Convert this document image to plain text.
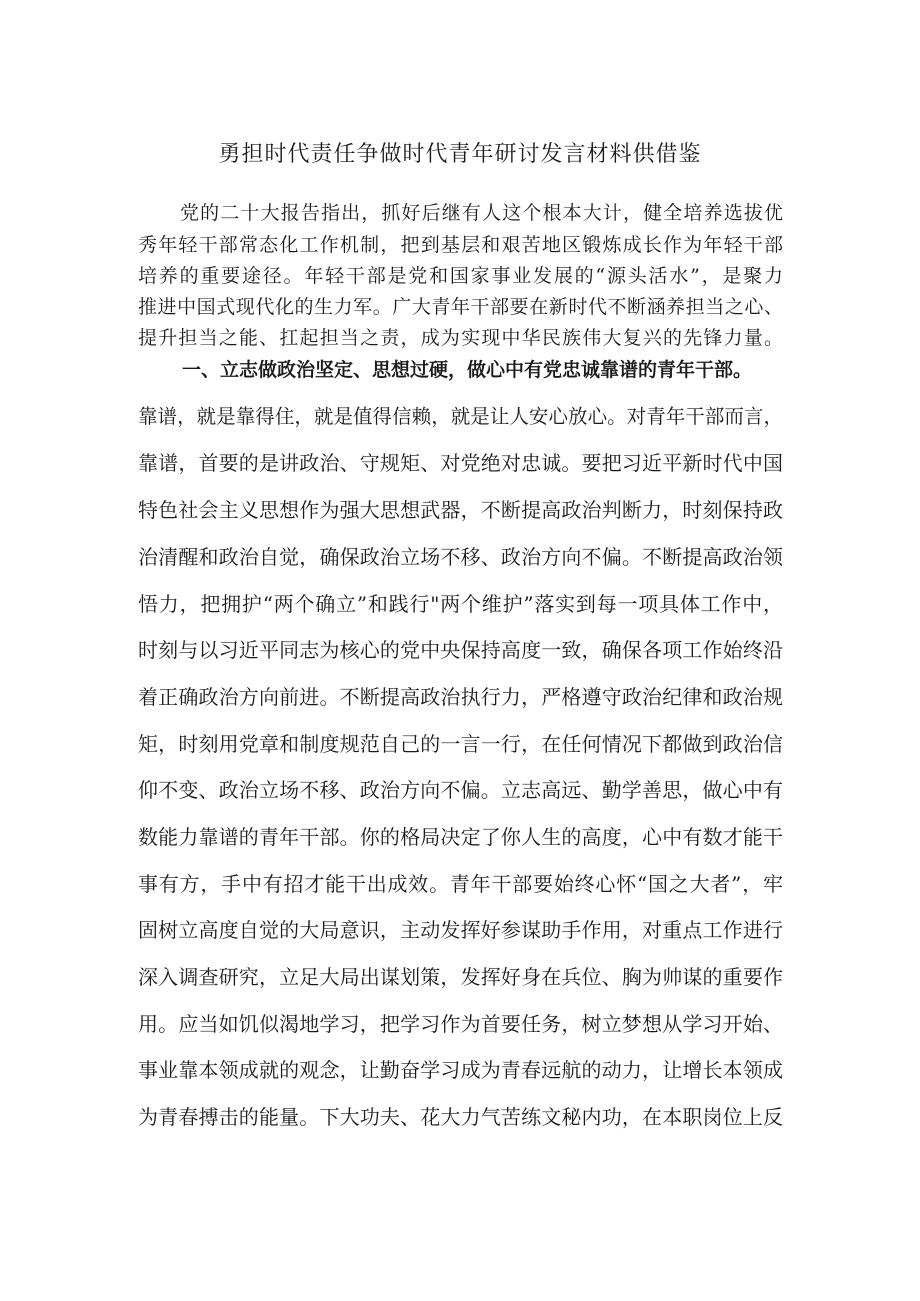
勇担时代责任争做时代青年研讨发言材料供借鉴
党的二十大报告指出，抓好后继有人这个根本大计，健全培养选拔优
秀年轻干部常态化工作机制，把到基层和艰苦地区锻炼成长作为年轻干部
培养的重要途径。年轻干部是党和国家事业发展的“源头活水”，是聚力
推进中国式现代化的生力军。广大青年干部要在新时代不断涵养担当之心、
提升担当之能、扛起担当之责，成为实现中华民族伟大复兴的先锋力量。
一、立志做政治坚定、思想过硬，做心中有党忠诚靠谱的青年干部。
靠谱，就是靠得住，就是值得信赖，就是让人安心放心。对青年干部而言，
靠谱，首要的是讲政治、守规矩、对党绝对忠诚。要把习近平新时代中国
特色社会主义思想作为强大思想武器，不断提高政治判断力，时刻保持政
治清醒和政治自觉，确保政治立场不移、政治方向不偏。不断提高政治领
悟力，把拥护“两个确立”和践行"两个维护”落实到每一项具体工作中，
时刻与以习近平同志为核心的党中央保持高度一致，确保各项工作始终沿
着正确政治方向前进。不断提高政治执行力，严格遵守政治纪律和政治规
矩，时刻用党章和制度规范自己的一言一行，在任何情况下都做到政治信
仰不变、政治立场不移、政治方向不偏。立志高远、勤学善思，做心中有
数能力靠谱的青年干部。你的格局决定了你人生的高度，心中有数才能干
事有方，手中有招才能干出成效。青年干部要始终心怀“国之大者”，牢
固树立高度自觉的大局意识，主动发挥好参谋助手作用，对重点工作进行
深入调查研究，立足大局出谋划策，发挥好身在兵位、胸为帅谋的重要作
用。应当如饥似渴地学习，把学习作为首要任务，树立梦想从学习开始、
事业靠本领成就的观念，让勤奋学习成为青春远航的动力，让增长本领成
为青春搏击的能量。下大功夫、花大力气苦练文秘内功，在本职岗位上反
